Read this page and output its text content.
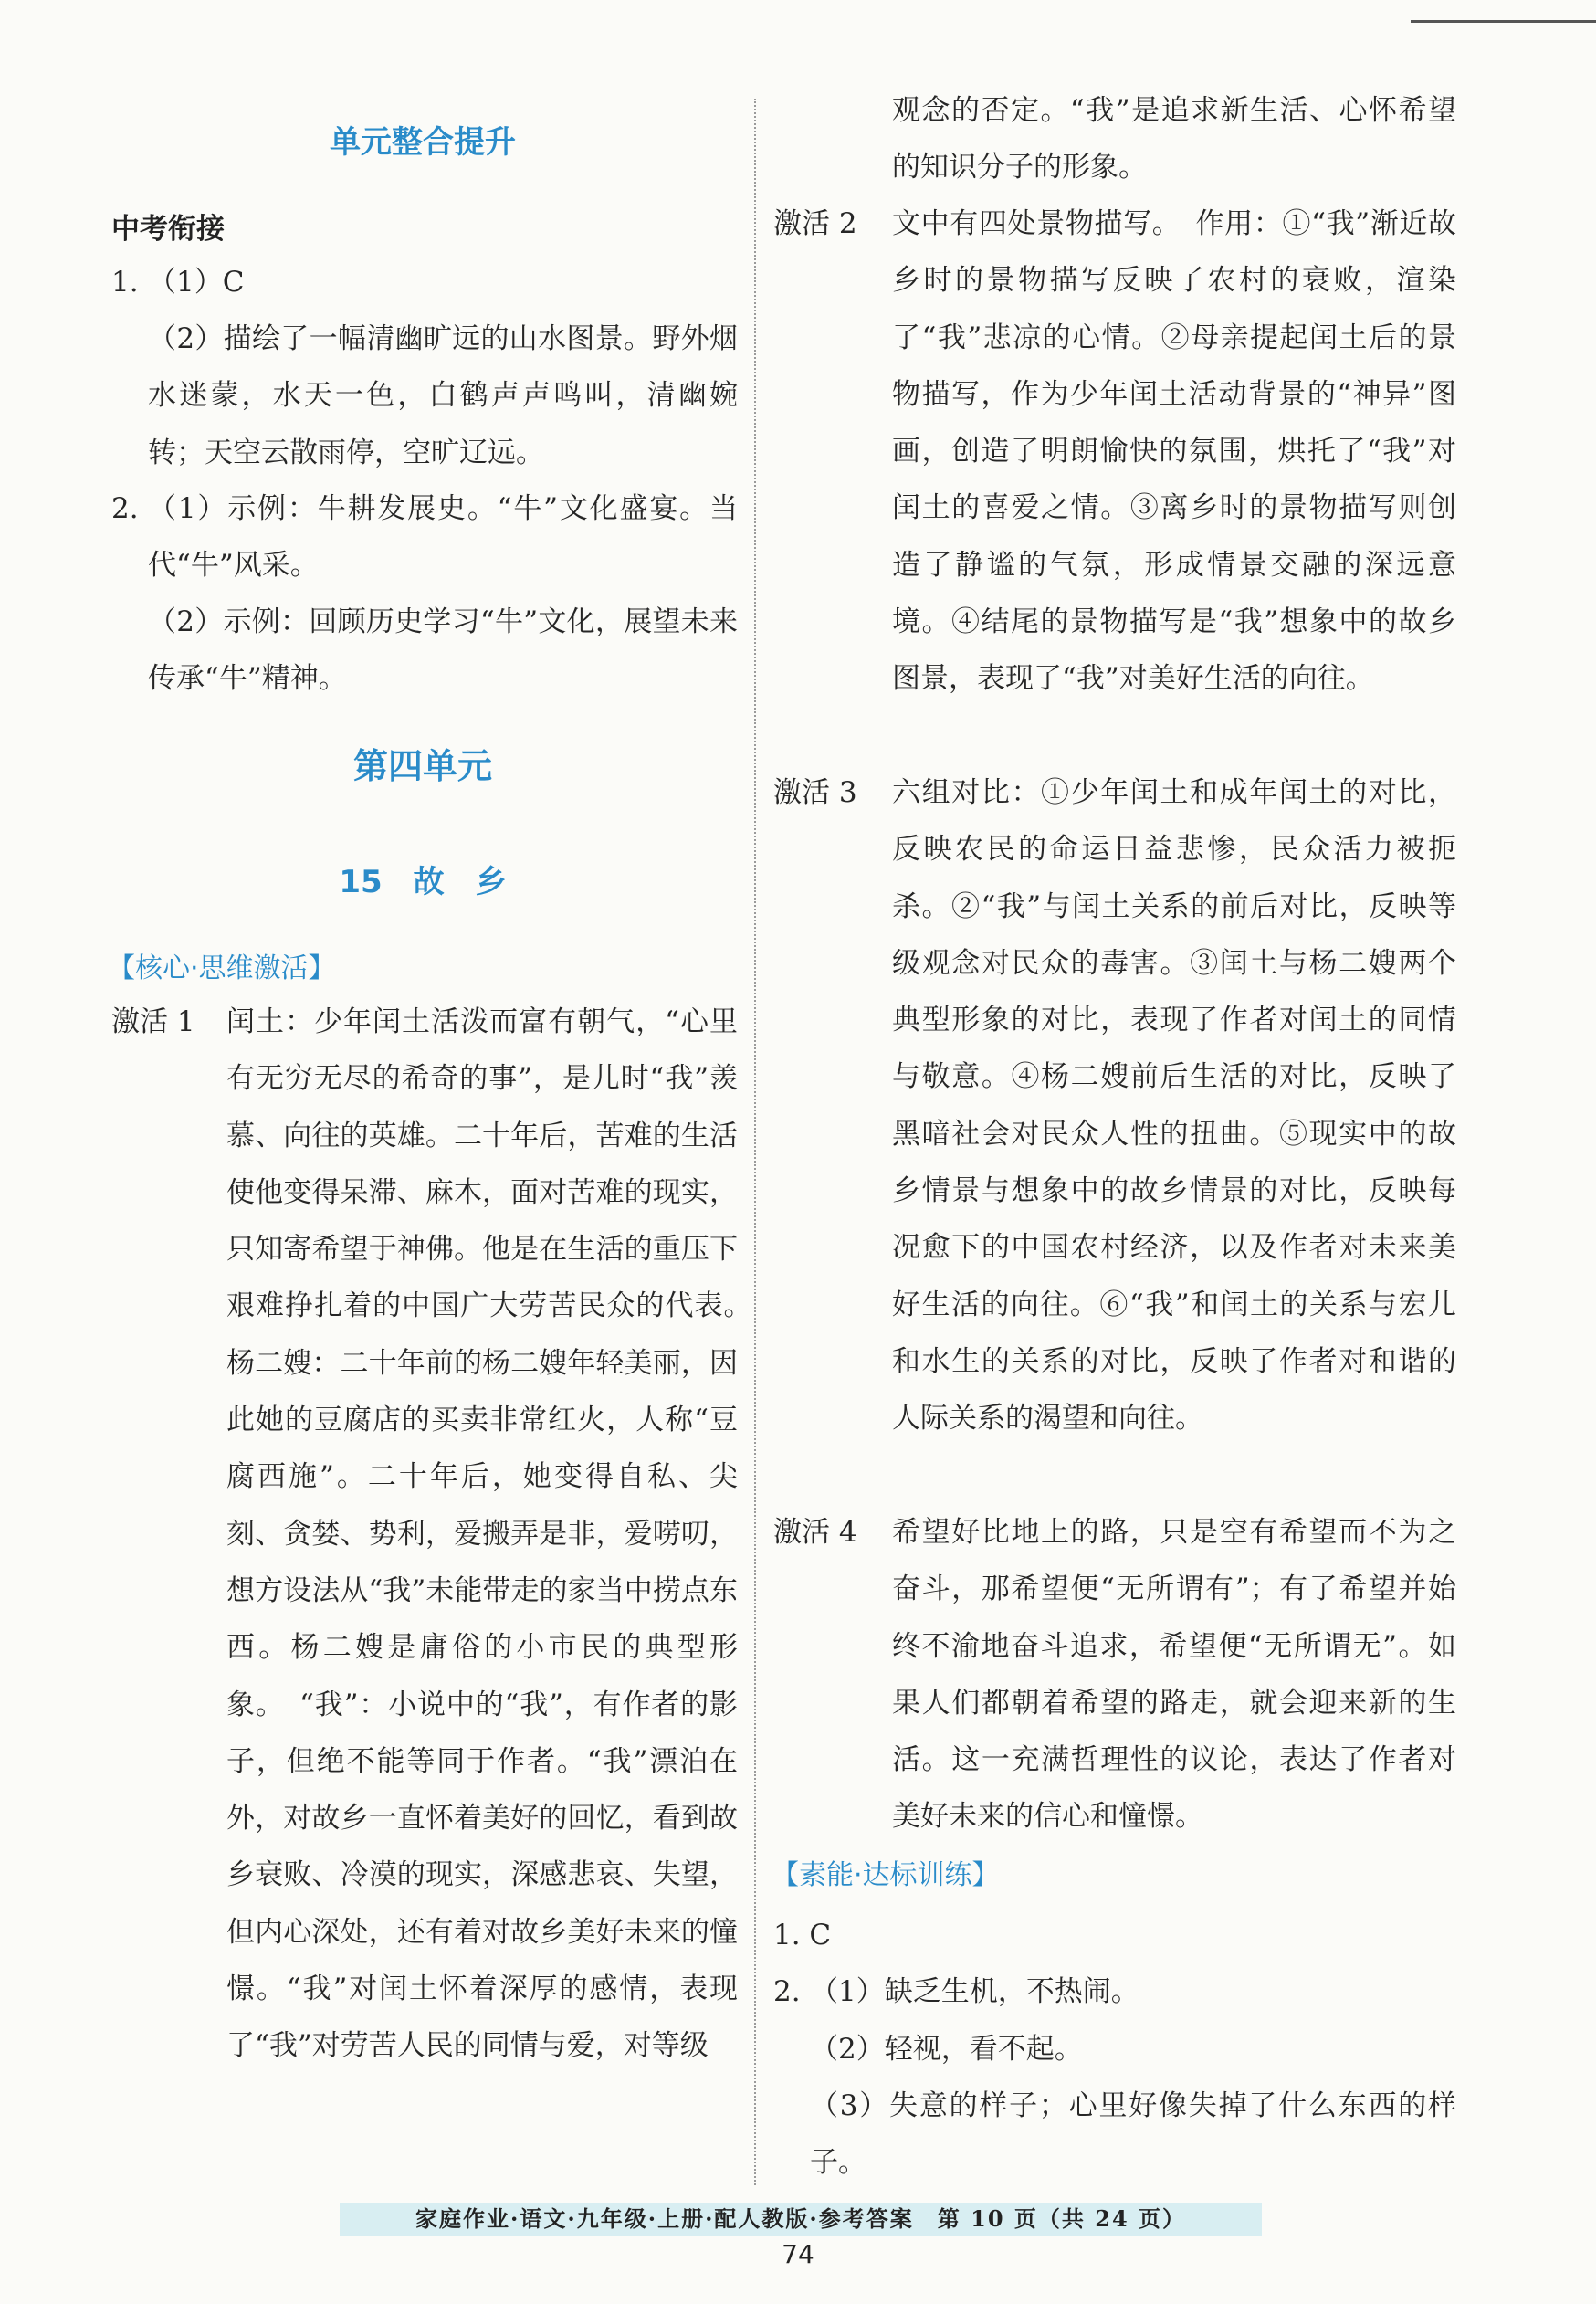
单元整合提升
中考衔接
1. （1）C
（2）描绘了一幅清幽旷远的山水图景。野外烟水迷蒙，水天一色，白鹤声声鸣叫，清幽婉转；天空云散雨停，空旷辽远。
2. （1）示例：牛耕发展史。“牛”文化盛宴。当代“牛”风采。
（2）示例：回顾历史学习“牛”文化，展望未来传承“牛”精神。
第四单元
15　故　乡
【核心·思维激活】
激活 1 闰土：少年闰土活泼而富有朝气，“心里有无穷无尽的希奇的事”，是儿时“我”羡慕、向往的英雄。二十年后，苦难的生活使他变得呆滞、麻木，面对苦难的现实，只知寄希望于神佛。他是在生活的重压下艰难挣扎着的中国广大劳苦民众的代表。　杨二嫂：二十年前的杨二嫂年轻美丽，因此她的豆腐店的买卖非常红火，人称“豆腐西施”。二十年后，她变得自私、尖刻、贪婪、势利，爱搬弄是非，爱唠叨，想方设法从“我”未能带走的家当中捞点东西。杨二嫂是庸俗的小市民的典型形象。　“我”：小说中的“我”，有作者的影子，但绝不能等同于作者。“我”漂泊在外，对故乡一直怀着美好的回忆，看到故乡衰败、冷漠的现实，深感悲哀、失望，但内心深处，还有着对故乡美好未来的憧憬。“我”对闰土怀着深厚的感情，表现了“我”对劳苦人民的同情与爱，对等级
观念的否定。“我”是追求新生活、心怀希望的知识分子的形象。
激活 2 文中有四处景物描写。　作用：①“我”渐近故乡时的景物描写反映了农村的衰败，渲染了“我”悲凉的心情。②母亲提起闰土后的景物描写，作为少年闰土活动背景的“神异”图画，创造了明朗愉快的氛围，烘托了“我”对闰土的喜爱之情。③离乡时的景物描写则创造了静谧的气氛，形成情景交融的深远意境。④结尾的景物描写是“我”想象中的故乡图景，表现了“我”对美好生活的向往。
激活 3 六组对比：①少年闰土和成年闰土的对比，反映农民的命运日益悲惨，民众活力被扼杀。②“我”与闰土关系的前后对比，反映等级观念对民众的毒害。③闰土与杨二嫂两个典型形象的对比，表现了作者对闰土的同情与敬意。④杨二嫂前后生活的对比，反映了黑暗社会对民众人性的扭曲。⑤现实中的故乡情景与想象中的故乡情景的对比，反映每况愈下的中国农村经济，以及作者对未来美好生活的向往。⑥“我”和闰土的关系与宏儿和水生的关系的对比，反映了作者对和谐的人际关系的渴望和向往。
激活 4 希望好比地上的路，只是空有希望而不为之奋斗，那希望便“无所谓有”；有了希望并始终不渝地奋斗追求，希望便“无所谓无”。如果人们都朝着希望的路走，就会迎来新的生活。这一充满哲理性的议论，表达了作者对美好未来的信心和憧憬。
【素能·达标训练】
1. C
2. （1）缺乏生机，不热闹。
（2）轻视，看不起。
（3）失意的样子；心里好像失掉了什么东西的样子。
家庭作业·语文·九年级·上册·配人教版·参考答案　第 10 页（共 24 页）
74
